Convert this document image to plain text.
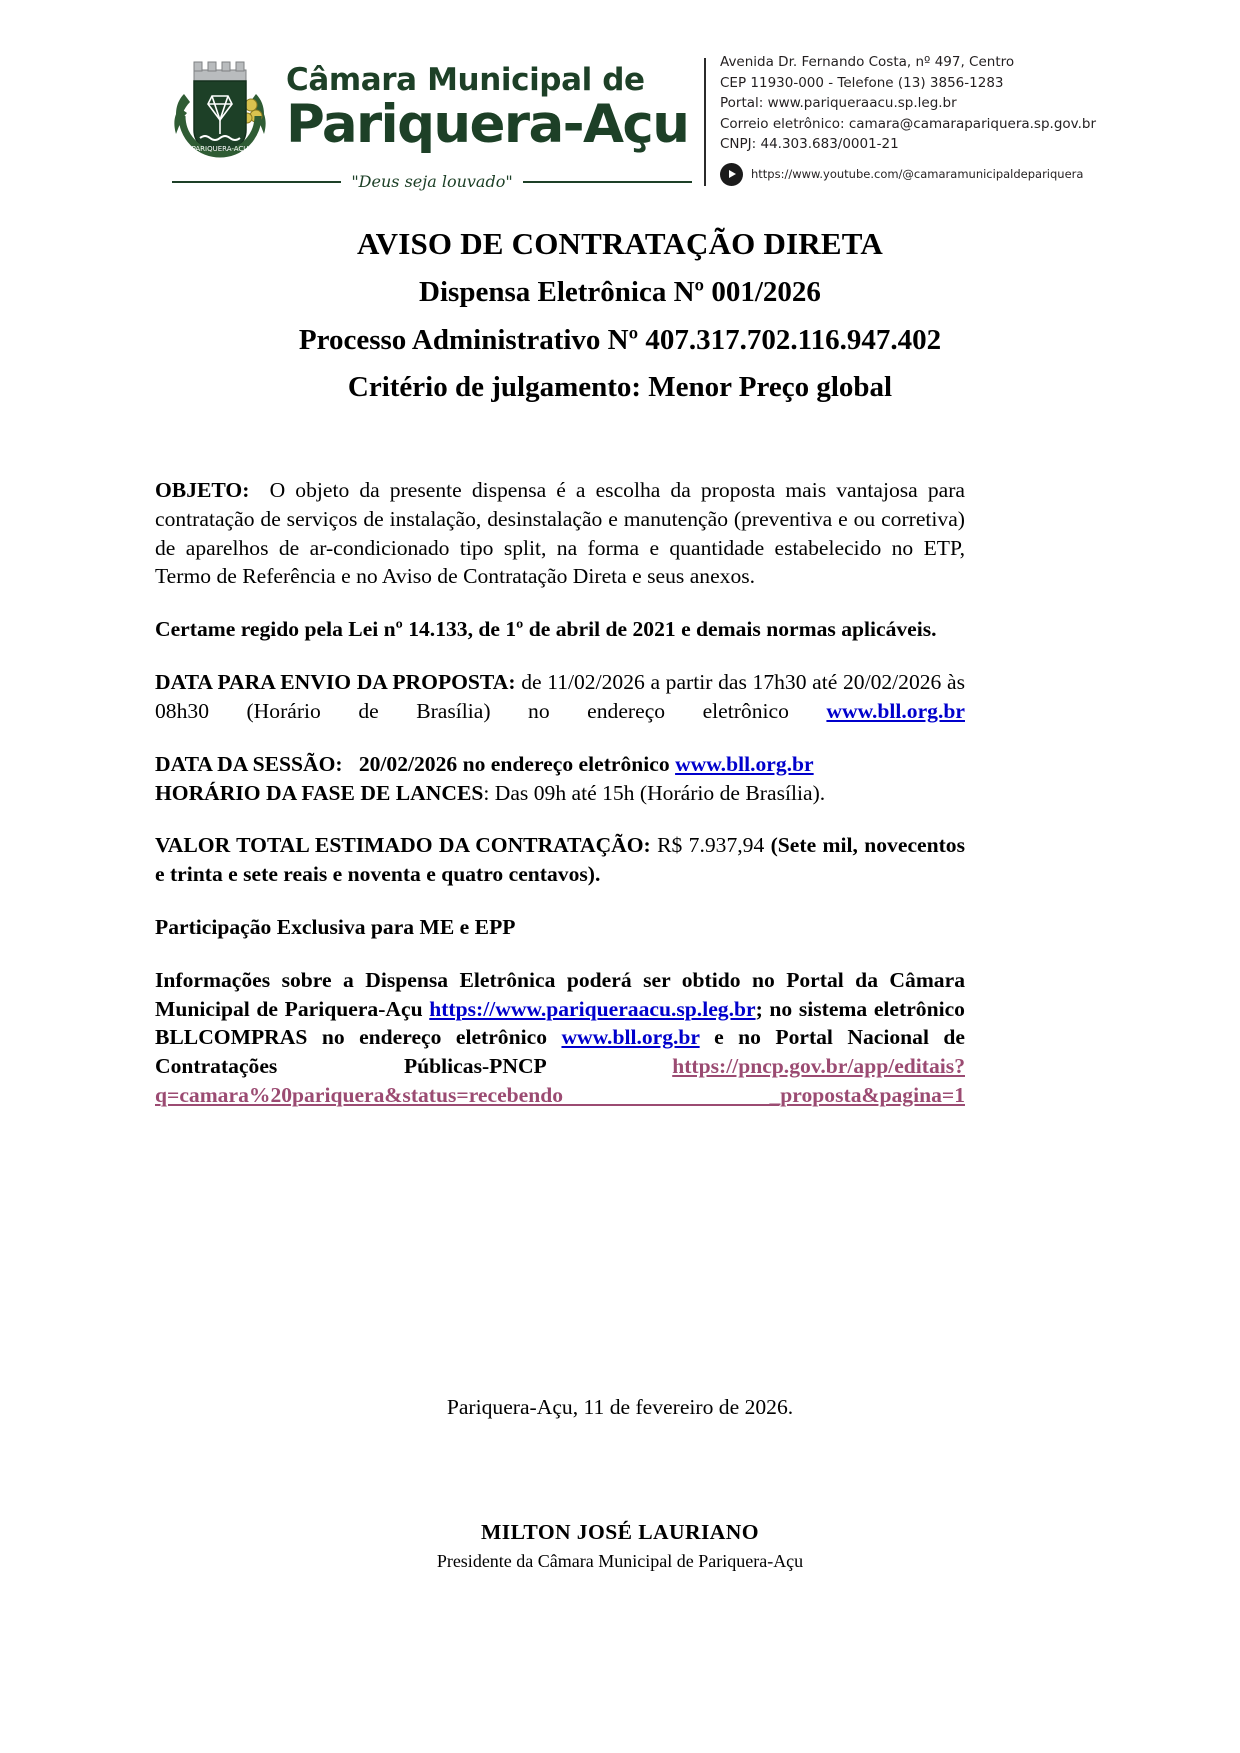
PARIQUERA-AÇU
Câmara Municipal de
Pariquera-Açu
"Deus seja louvado"
Avenida Dr. Fernando Costa, nº 497, Centro
CEP 11930-000 - Telefone (13) 3856-1283
Portal: www.pariqueraacu.sp.leg.br
Correio eletrônico: camara@camarapariquera.sp.gov.br
CNPJ: 44.303.683/0001-21
https://www.youtube.com/@camaramunicipaldepariquera
AVISO DE CONTRATAÇÃO DIRETA
Dispensa Eletrônica Nº 001/2026
Processo Administrativo Nº 407.317.702.116.947.402
Critério de julgamento: Menor Preço global

OBJETO: O objeto da presente dispensa é a escolha da proposta mais vantajosa para contratação de serviços de instalação, desinstalação e manutenção (preventiva e ou corretiva) de aparelhos de ar-condicionado tipo split, na forma e quantidade estabelecido no ETP, Termo de Referência e no Aviso de Contratação Direta e seus anexos.

Certame regido pela Lei nº 14.133, de 1º de abril de 2021 e demais normas aplicáveis.

DATA PARA ENVIO DA PROPOSTA: de 11/02/2026 a partir das 17h30 até 20/02/2026 às 08h30 (Horário de Brasília) no endereço eletrônico www.bll.org.br

DATA DA SESSÃO: 20/02/2026 no endereço eletrônico www.bll.org.br

HORÁRIO DA FASE DE LANCES: Das 09h até 15h (Horário de Brasília).

VALOR TOTAL ESTIMADO DA CONTRATAÇÃO: R$ 7.937,94 (Sete mil, novecentos e trinta e sete reais e noventa e quatro centavos).

Participação Exclusiva para ME e EPP

Informações sobre a Dispensa Eletrônica poderá ser obtido no Portal da Câmara Municipal de Pariquera-Açu https://www.pariqueraacu.sp.leg.br; no sistema eletrônico BLLCOMPRAS no endereço eletrônico www.bll.org.br e no Portal Nacional de Contratações Públicas-PNCP	https://pncp.gov.br/app/editais?q=camara%20pariquera&status=recebendo _proposta&pagina=1

Pariquera-Açu, 11 de fevereiro de 2026.

MILTON JOSÉ LAURIANO

Presidente da Câmara Municipal de Pariquera-Açu
